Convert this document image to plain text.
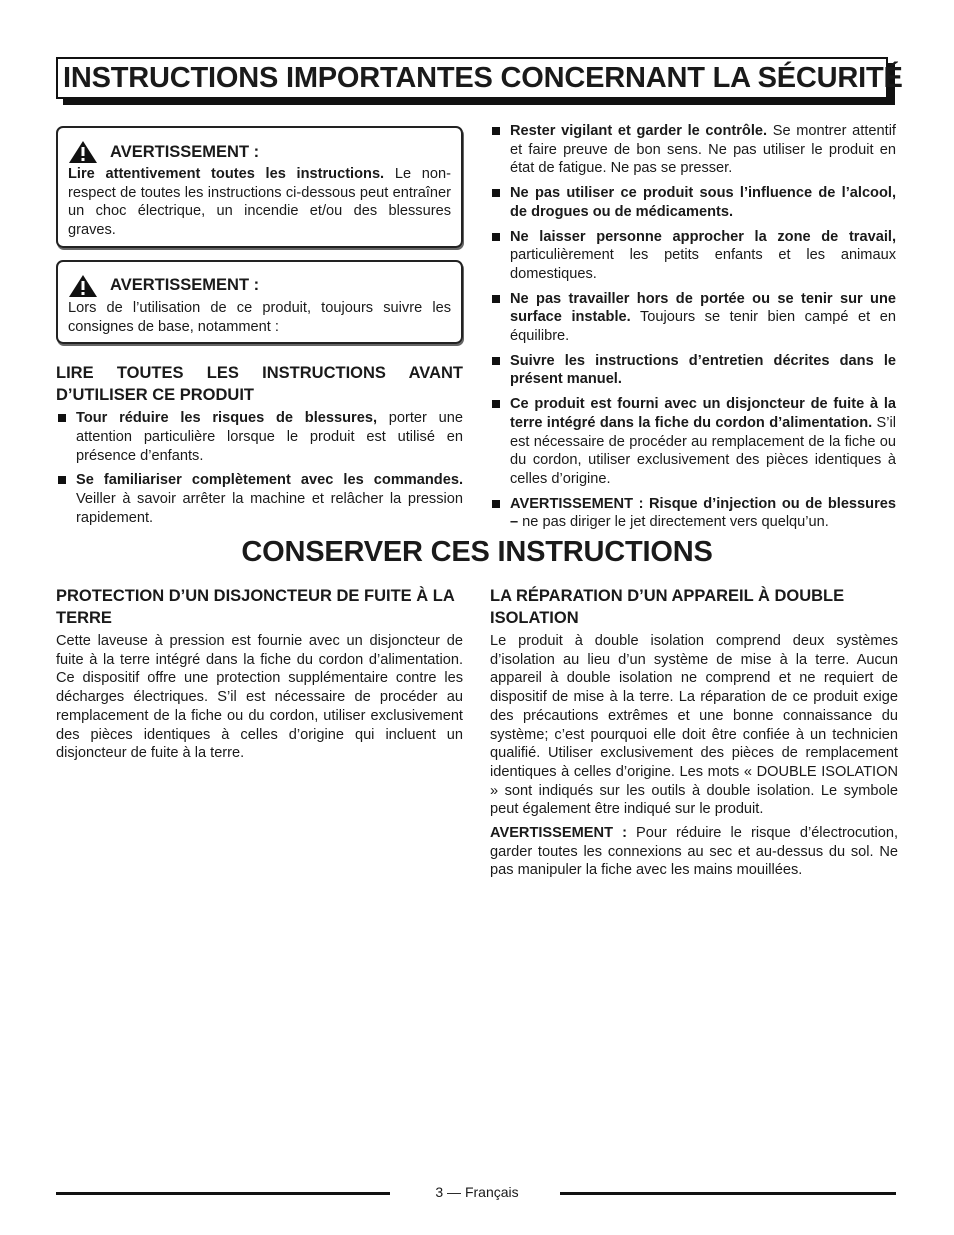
INSTRUCTIONS IMPORTANTES CONCERNANT LA SÉCURITÉ
AVERTISSEMENT :

Lire attentivement toutes les instructions. Le non-respect de toutes les instructions ci-dessous peut entraîner un choc électrique, un incendie et/ou des blessures graves.

AVERTISSEMENT :

Lors de l’utilisation de ce produit, toujours suivre les consignes de base, notamment :

LIRE TOUTES LES INSTRUCTIONS AVANT D’UTILISER CE PRODUIT
Tour réduire les risques de blessures, porter une attention particulière lorsque le produit est utilisé en présence d’enfants.
Se familiariser complètement avec les commandes. Veiller à savoir arrêter la machine et relâcher la pression rapidement.
Rester vigilant et garder le contrôle. Se montrer attentif et faire preuve de bon sens. Ne pas utiliser le produit en état de fatigue. Ne pas se presser.
Ne pas utiliser ce produit sous l’influence de l’alcool, de drogues ou de médicaments.
Ne laisser personne approcher la zone de travail, particulièrement les petits enfants et les animaux domestiques.
Ne pas travailler hors de portée ou se tenir sur une surface instable. Toujours se tenir bien campé et en équilibre.
Suivre les instructions d’entretien décrites dans le présent manuel.
Ce produit est fourni avec un disjoncteur de fuite à la terre intégré dans la fiche du cordon d’alimentation. S’il est nécessaire de procéder au remplacement de la fiche ou du cordon, utiliser exclusivement des pièces identiques à celles d’origine.
AVERTISSEMENT : Risque d’injection ou de blessures – ne pas diriger le jet directement vers quelqu’un.
CONSERVER CES INSTRUCTIONS
PROTECTION D’UN DISJONCTEUR DE FUITE À LA TERRE

Cette laveuse à pression est fournie avec un disjoncteur de fuite à la terre intégré dans la fiche du cordon d’alimentation. Ce dispositif offre une protection supplémentaire contre les décharges électriques. S’il est nécessaire de procéder au remplacement de la fiche ou du cordon, utiliser exclusivement des pièces identiques à celles d’origine qui incluent un disjoncteur de fuite à la terre.

LA RÉPARATION D’UN APPAREIL À DOUBLE ISOLATION

Le produit à double isolation comprend deux systèmes d’isolation au lieu d’un système de mise à la terre. Aucun appareil à double isolation ne comprend et ne requiert de dispositif de mise à la terre. La réparation de ce produit exige des précautions extrêmes et une bonne connaissance du système; c’est pourquoi elle doit être confiée à un technicien qualifié. Utiliser exclusivement des pièces de remplacement identiques à celles d’origine. Les mots « DOUBLE ISOLATION » sont indiqués sur les outils à double isolation. Le symbole peut également être indiqué sur le produit.

AVERTISSEMENT : Pour réduire le risque d’électrocution, garder toutes les connexions au sec et au-dessus du sol. Ne pas manipuler la fiche avec les mains mouillées.

3 — Français
